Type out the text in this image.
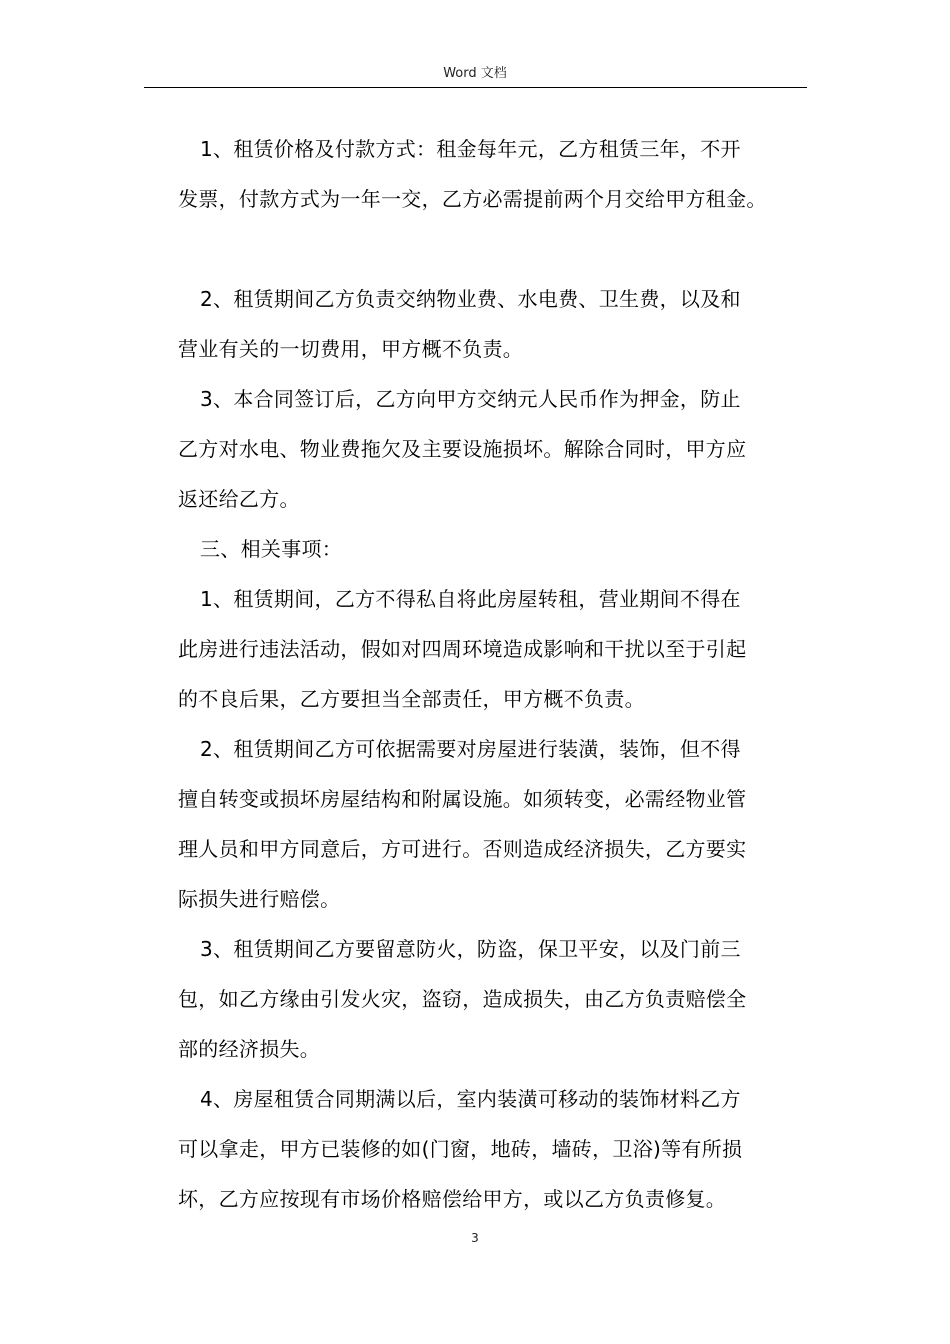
Word 文档

1、租赁价格及付款方式：租金每年元，乙方租赁三年，不开
发票，付款方式为一年一交，乙方必需提前两个月交给甲方租金。

2、租赁期间乙方负责交纳物业费、水电费、卫生费，以及和
营业有关的一切费用，甲方概不负责。

3、本合同签订后，乙方向甲方交纳元人民币作为押金，防止
乙方对水电、物业费拖欠及主要设施损坏。解除合同时，甲方应
返还给乙方。

三、相关事项：

1、租赁期间，乙方不得私自将此房屋转租，营业期间不得在
此房进行违法活动，假如对四周环境造成影响和干扰以至于引起
的不良后果，乙方要担当全部责任，甲方概不负责。

2、租赁期间乙方可依据需要对房屋进行装潢，装饰，但不得
擅自转变或损坏房屋结构和附属设施。如须转变，必需经物业管
理人员和甲方同意后，方可进行。否则造成经济损失，乙方要实
际损失进行赔偿。

3、租赁期间乙方要留意防火，防盗，保卫平安，以及门前三
包，如乙方缘由引发火灾，盗窃，造成损失，由乙方负责赔偿全
部的经济损失。

4、房屋租赁合同期满以后，室内装潢可移动的装饰材料乙方
可以拿走，甲方已装修的如(门窗，地砖，墙砖，卫浴)等有所损
坏，乙方应按现有市场价格赔偿给甲方，或以乙方负责修复。

3
